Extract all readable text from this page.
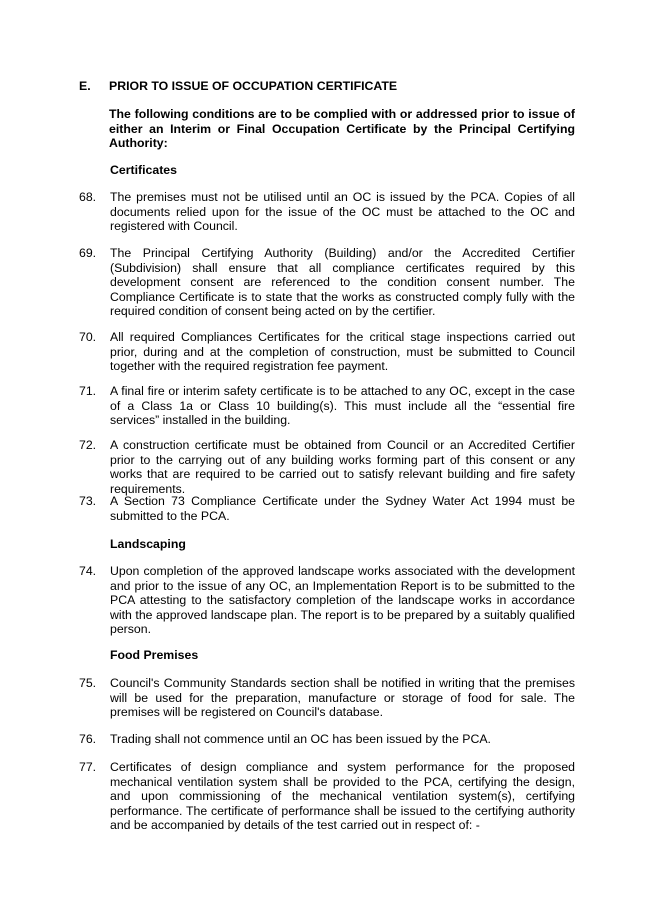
E. PRIOR TO ISSUE OF OCCUPATION CERTIFICATE
The following conditions are to be complied with or addressed prior to issue of either an Interim or Final Occupation Certificate by the Principal Certifying Authority:
Certificates
68. The premises must not be utilised until an OC is issued by the PCA. Copies of all documents relied upon for the issue of the OC must be attached to the OC and registered with Council.
69. The Principal Certifying Authority (Building) and/or the Accredited Certifier (Subdivision) shall ensure that all compliance certificates required by this development consent are referenced to the condition consent number. The Compliance Certificate is to state that the works as constructed comply fully with the required condition of consent being acted on by the certifier.
70. All required Compliances Certificates for the critical stage inspections carried out prior, during and at the completion of construction, must be submitted to Council together with the required registration fee payment.
71. A final fire or interim safety certificate is to be attached to any OC, except in the case of a Class 1a or Class 10 building(s). This must include all the “essential fire services” installed in the building.
72. A construction certificate must be obtained from Council or an Accredited Certifier prior to the carrying out of any building works forming part of this consent or any works that are required to be carried out to satisfy relevant building and fire safety requirements.
73. A Section 73 Compliance Certificate under the Sydney Water Act 1994 must be submitted to the PCA.
Landscaping
74. Upon completion of the approved landscape works associated with the development and prior to the issue of any OC, an Implementation Report is to be submitted to the PCA attesting to the satisfactory completion of the landscape works in accordance with the approved landscape plan. The report is to be prepared by a suitably qualified person.
Food Premises
75. Council's Community Standards section shall be notified in writing that the premises will be used for the preparation, manufacture or storage of food for sale. The premises will be registered on Council's database.
76. Trading shall not commence until an OC has been issued by the PCA.
77. Certificates of design compliance and system performance for the proposed mechanical ventilation system shall be provided to the PCA, certifying the design, and upon commissioning of the mechanical ventilation system(s), certifying performance. The certificate of performance shall be issued to the certifying authority and be accompanied by details of the test carried out in respect of: -
